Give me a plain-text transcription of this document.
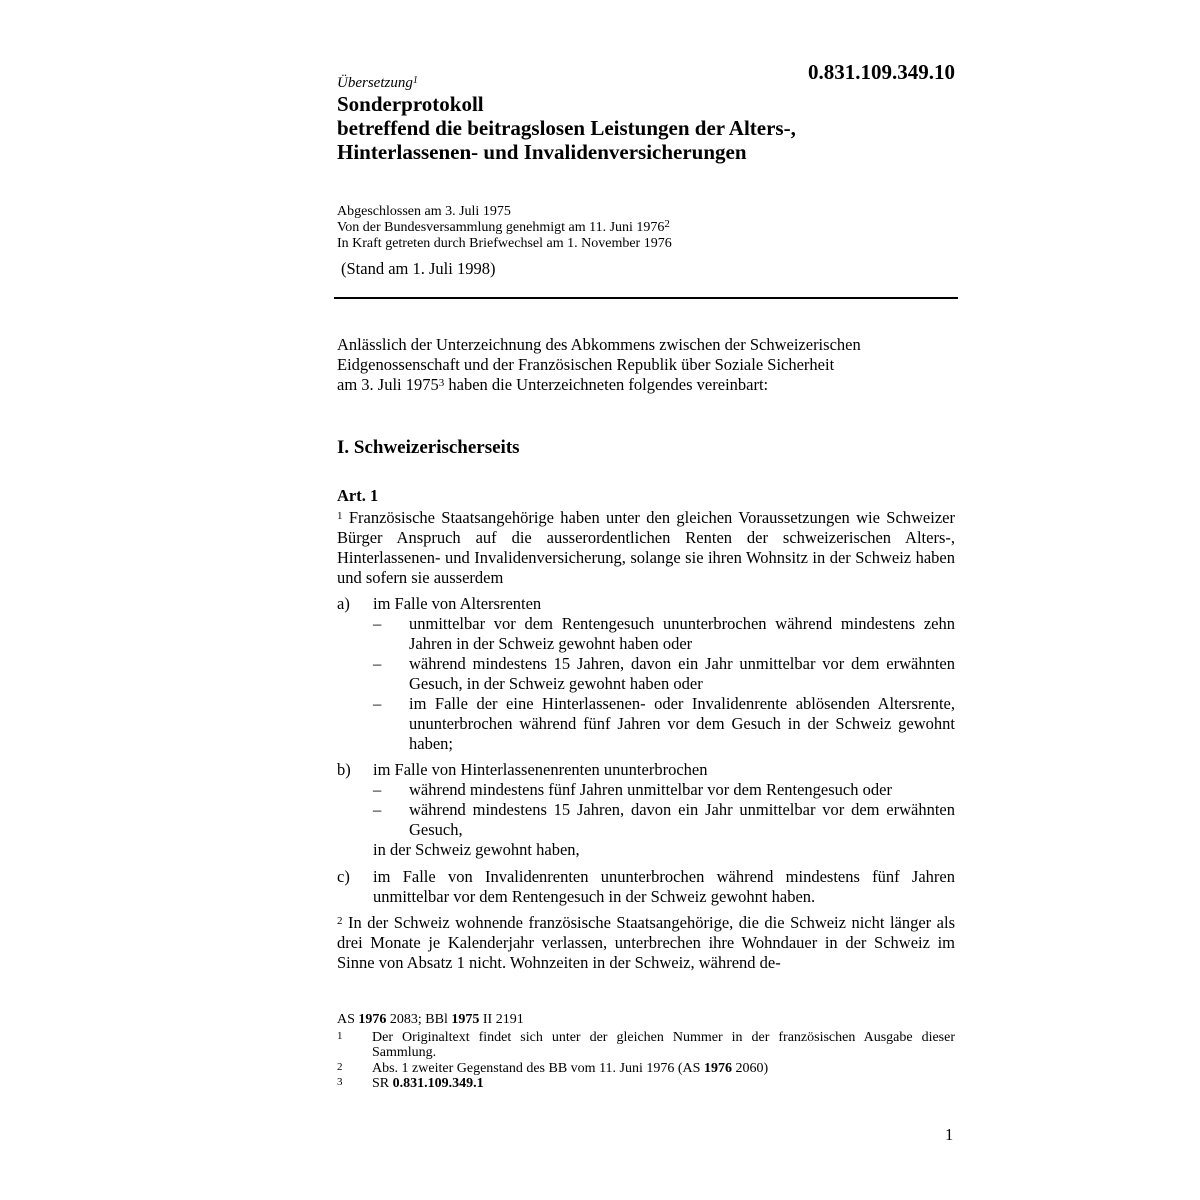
0.831.109.349.10
Übersetzung$^1$
Sonderprotokoll
betreffend die beitragslosen Leistungen der Alters-,
Hinterlassenen- und Invalidenversicherungen
Abgeschlossen am 3. Juli 1975
Von der Bundesversammlung genehmigt am 11. Juni 1976$^2$
In Kraft getreten durch Briefwechsel am 1. November 1976
(Stand am 1. Juli 1998)
Anlässlich der Unterzeichnung des Abkommens zwischen der Schweizerischen
Eidgenossenschaft und der Französischen Republik über Soziale Sicherheit
am 3. Juli 1975$^3$ haben die Unterzeichneten folgendes vereinbart:
I. Schweizerischerseits
Art. 1
$^1$ Französische Staatsangehörige haben unter den gleichen Voraussetzungen wie Schweizer Bürger Anspruch auf die ausserordentlichen Renten der schweizerischen Alters-, Hinterlassenen- und Invalidenversicherung, solange sie ihren Wohnsitz in der Schweiz haben und sofern sie ausserdem
a) im Falle von Altersrenten
– unmittelbar vor dem Rentengesuch ununterbrochen während mindestens zehn Jahren in der Schweiz gewohnt haben oder
– während mindestens 15 Jahren, davon ein Jahr unmittelbar vor dem erwähnten Gesuch, in der Schweiz gewohnt haben oder
– im Falle der eine Hinterlassenen- oder Invalidenrente ablösenden Altersrente, ununterbrochen während fünf Jahren vor dem Gesuch in der Schweiz gewohnt haben;
b) im Falle von Hinterlassenenrenten ununterbrochen
– während mindestens fünf Jahren unmittelbar vor dem Rentengesuch oder
– während mindestens 15 Jahren, davon ein Jahr unmittelbar vor dem erwähnten Gesuch,
in der Schweiz gewohnt haben,
c) im Falle von Invalidenrenten ununterbrochen während mindestens fünf Jahren unmittelbar vor dem Rentengesuch in der Schweiz gewohnt haben.
$^2$ In der Schweiz wohnende französische Staatsangehörige, die die Schweiz nicht länger als drei Monate je Kalenderjahr verlassen, unterbrechen ihre Wohndauer in der Schweiz im Sinne von Absatz 1 nicht. Wohnzeiten in der Schweiz, während de-
AS 1976 2083; BBl 1975 II 2191
1 Der Originaltext findet sich unter der gleichen Nummer in der französischen Ausgabe dieser Sammlung.
2 Abs. 1 zweiter Gegenstand des BB vom 11. Juni 1976 (AS 1976 2060)
3 SR 0.831.109.349.1
1
